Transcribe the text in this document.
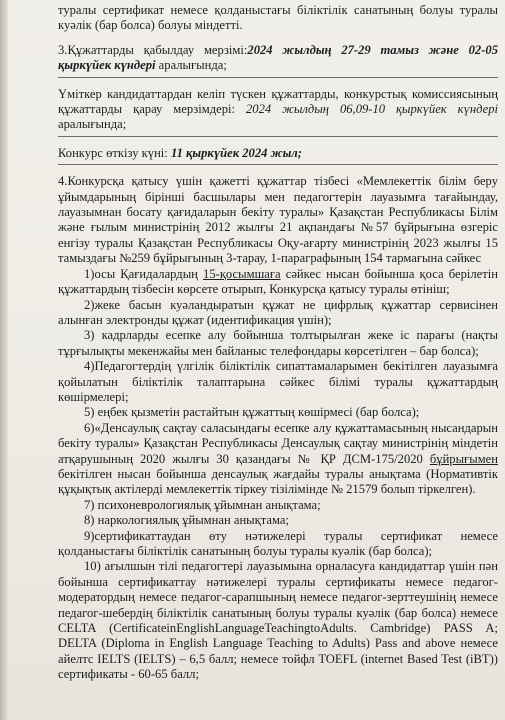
туралы сертификат немесе қолданыстағы біліктілік санатының болуы туралы куәлік (бар болса) болуы міндетті.

3.Құжаттарды қабылдау мерзімі:2024 жылдың 27-29 тамыз және 02-05 қыркүйек күндері аралығында;

Үміткер кандидаттардан келіп түскен құжаттарды, конкурстық комиссиясының құжаттарды қарау мерзімдері: 2024 жылдың 06,09-10 қыркүйек күндері аралығында;

Конкурс өткізу күні: 11 қыркүйек 2024 жыл;

4.Конкурсқа қатысу үшін қажетті құжаттар тізбесі «Мемлекеттік білім беру ұйымдарының бірінші басшылары мен педагогтерін лауазымға тағайындау, лауазымнан босату қағидаларын бекіту туралы» Қазақстан Республикасы Білім және ғылым министрінің 2012 жылғы 21 ақпандағы №57 бұйрығына өзгеріс енгізу туралы Қазақстан Республикасы Оқу-ағарту министрінің 2023 жылғы 15 тамыздағы №259 бұйрығының 3-тарау, 1-параграфының 154 тармағына сәйкес

1)осы Қағидалардың 15-қосымшаға сәйкес нысан бойынша қоса берілетін құжаттардың тізбесін көрсете отырып, Конкурсқа қатысу туралы өтініш;

2)жеке басын куәландыратын құжат не цифрлық құжаттар сервисінен алынған электронды құжат (идентификация үшін);

3) кадрларды есепке алу бойынша толтырылған жеке іс парағы (нақты тұрғылықты мекенжайы мен байланыс телефондары көрсетілген – бар болса);

4)Педагогтердің үлгілік біліктілік сипаттамаларымен бекітілген лауазымға қойылатын біліктілік талаптарына сәйкес білімі туралы құжаттардың көшірмелері;

5) еңбек қызметін растайтын құжаттың көшірмесі (бар болса);

6)«Денсаулық сақтау саласындағы есепке алу құжаттамасының нысандарын бекіту туралы» Қазақстан Республикасы Денсаулық сақтау министрінің міндетін атқарушының 2020 жылғы 30 қазандағы № ҚР ДСМ-175/2020 бұйрығымен бекітілген нысан бойынша денсаулық жағдайы туралы анықтама (Нормативтік құқықтық актілерді мемлекеттік тіркеу тізілімінде № 21579 болып тіркелген).

7) психоневрологиялық ұйымнан анықтама;

8) наркологиялық ұйымнан анықтама;

9)сертификаттаудан өту нәтижелері туралы сертификат немесе қолданыстағы біліктілік санатының болуы туралы куәлік (бар болса);

10) ағылшын тілі педагогтері лауазымына орналасуға кандидаттар үшін пән бойынша сертификаттау нәтижелері туралы сертификаты немесе педагог-модератордың немесе педагог-сарапшының немесе педагог-зерттеушінің немесе педагог-шебердің біліктілік санатының болуы туралы куәлік (бар болса) немесе CELTA (CertificateinEnglishLanguageTeachingtoAdults. Cambridge) PASS A; DELTA (Diploma in English Language Teaching to Adults) Pass and above немесе айелтс IELTS (IELTS) – 6,5 балл; немесе тойфл TOEFL (internet Based Test (iBT)) сертификаты - 60-65 балл;
